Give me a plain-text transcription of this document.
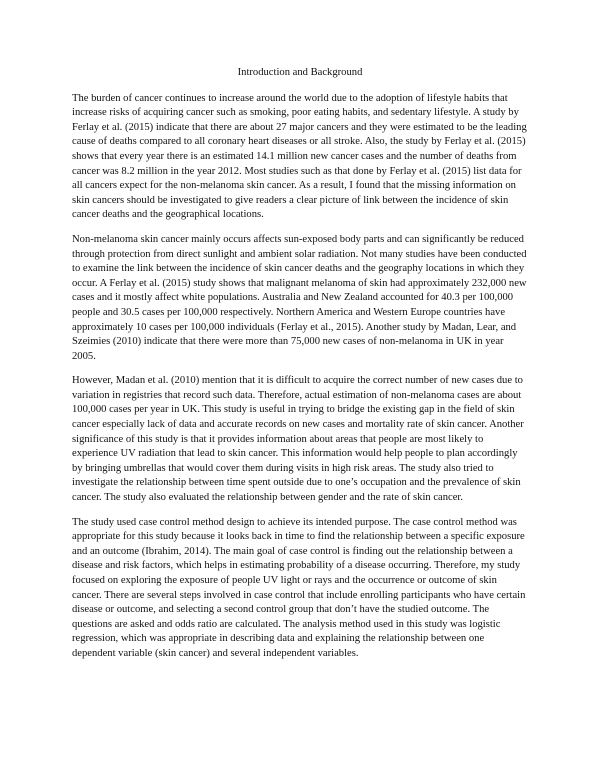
Introduction and Background

The burden of cancer continues to increase around the world due to the adoption of lifestyle habits that increase risks of acquiring cancer such as smoking, poor eating habits, and sedentary lifestyle. A study by Ferlay et al. (2015) indicate that there are about 27 major cancers and they were estimated to be the leading cause of deaths compared to all coronary heart diseases or all stroke. Also, the study by Ferlay et al. (2015) shows that every year there is an estimated 14.1 million new cancer cases and the number of deaths from cancer was 8.2 million in the year 2012. Most studies such as that done by Ferlay et al. (2015) list data for all cancers expect for the non-melanoma skin cancer. As a result, I found that the missing information on skin cancers should be investigated to give readers a clear picture of link between the incidence of skin cancer deaths and the geographical locations.

Non-melanoma skin cancer mainly occurs affects sun-exposed body parts and can significantly be reduced through protection from direct sunlight and ambient solar radiation. Not many studies have been conducted to examine the link between the incidence of skin cancer deaths and the geography locations in which they occur. A Ferlay et al. (2015) study shows that malignant melanoma of skin had approximately 232,000 new cases and it mostly affect white populations. Australia and New Zealand accounted for 40.3 per 100,000 people and 30.5 cases per 100,000 respectively. Northern America and Western Europe countries have approximately 10 cases per 100,000 individuals (Ferlay et al., 2015). Another study by Madan, Lear, and Szeimies (2010) indicate that there were more than 75,000 new cases of non-melanoma in UK in year 2005.

However, Madan et al. (2010) mention that it is difficult to acquire the correct number of new cases due to variation in registries that record such data. Therefore, actual estimation of non-melanoma cases are about 100,000 cases per year in UK. This study is useful in trying to bridge the existing gap in the field of skin cancer especially lack of data and accurate records on new cases and mortality rate of skin cancer. Another significance of this study is that it provides information about areas that people are most likely to experience UV radiation that lead to skin cancer. This information would help people to plan accordingly by bringing umbrellas that would cover them during visits in high risk areas. The study also tried to investigate the relationship between time spent outside due to one’s occupation and the prevalence of skin cancer. The study also evaluated the relationship between gender and the rate of skin cancer.

The study used case control method design to achieve its intended purpose. The case control method was appropriate for this study because it looks back in time to find the relationship between a specific exposure and an outcome (Ibrahim, 2014). The main goal of case control is finding out the relationship between a disease and risk factors, which helps in estimating probability of a disease occurring. Therefore, my study focused on exploring the exposure of people UV light or rays and the occurrence or outcome of skin cancer. There are several steps involved in case control that include enrolling participants who have certain disease or outcome, and selecting a second control group that don’t have the studied outcome. The questions are asked and odds ratio are calculated. The analysis method used in this study was logistic regression, which was appropriate in describing data and explaining the relationship between one dependent variable (skin cancer) and several independent variables.
